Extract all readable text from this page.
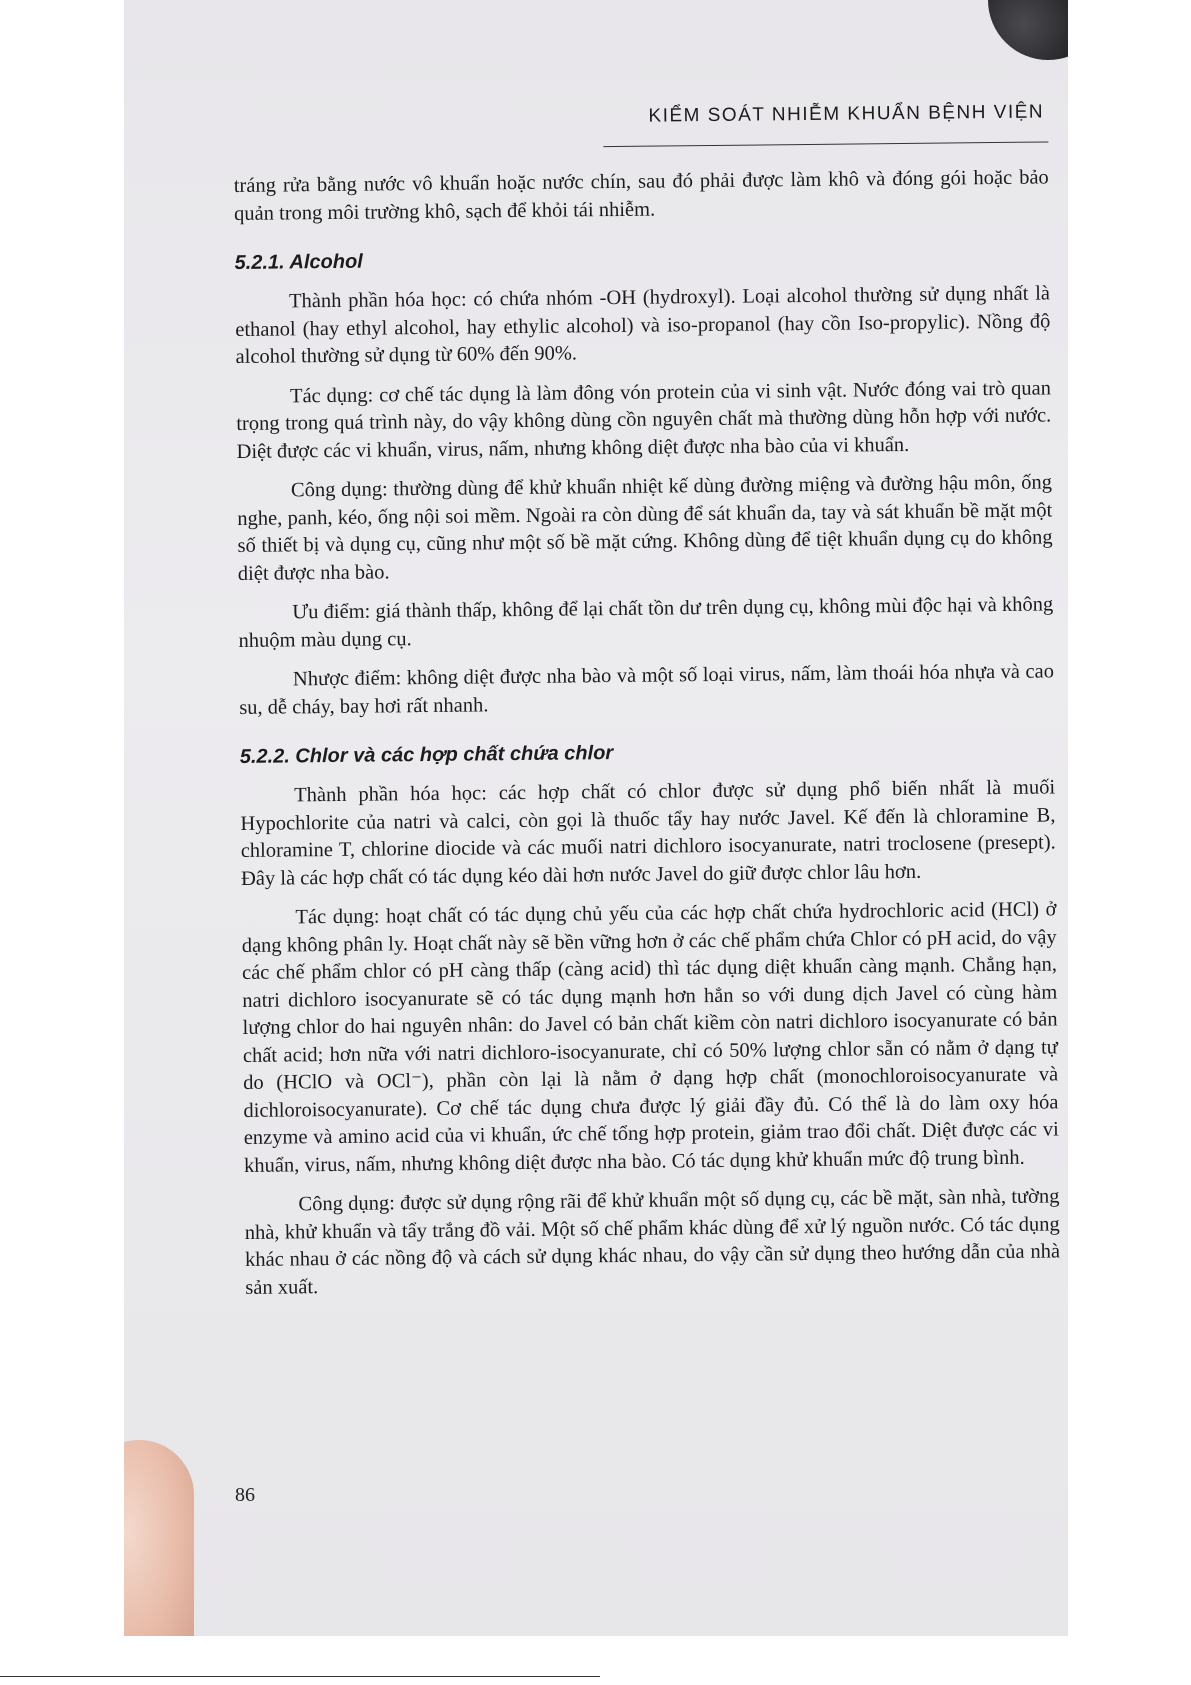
KIỂM SOÁT NHIỄM KHUẨN BỆNH VIỆN

tráng rửa bằng nước vô khuẩn hoặc nước chín, sau đó phải được làm khô và đóng gói hoặc bảo quản trong môi trường khô, sạch để khỏi tái nhiễm.

5.2.1. Alcohol

Thành phần hóa học: có chứa nhóm -OH (hydroxyl). Loại alcohol thường sử dụng nhất là ethanol (hay ethyl alcohol, hay ethylic alcohol) và iso-propanol (hay cồn Iso-propylic). Nồng độ alcohol thường sử dụng từ 60% đến 90%.

Tác dụng: cơ chế tác dụng là làm đông vón protein của vi sinh vật. Nước đóng vai trò quan trọng trong quá trình này, do vậy không dùng cồn nguyên chất mà thường dùng hỗn hợp với nước. Diệt được các vi khuẩn, virus, nấm, nhưng không diệt được nha bào của vi khuẩn.

Công dụng: thường dùng để khử khuẩn nhiệt kế dùng đường miệng và đường hậu môn, ống nghe, panh, kéo, ống nội soi mềm. Ngoài ra còn dùng để sát khuẩn da, tay và sát khuẩn bề mặt một số thiết bị và dụng cụ, cũng như một số bề mặt cứng. Không dùng để tiệt khuẩn dụng cụ do không diệt được nha bào.

Ưu điểm: giá thành thấp, không để lại chất tồn dư trên dụng cụ, không mùi độc hại và không nhuộm màu dụng cụ.

Nhược điểm: không diệt được nha bào và một số loại virus, nấm, làm thoái hóa nhựa và cao su, dễ cháy, bay hơi rất nhanh.

5.2.2. Chlor và các hợp chất chứa chlor

Thành phần hóa học: các hợp chất có chlor được sử dụng phổ biến nhất là muối Hypochlorite của natri và calci, còn gọi là thuốc tẩy hay nước Javel. Kế đến là chloramine B, chloramine T, chlorine diocide và các muối natri dichloro isocyanurate, natri troclosene (presept). Đây là các hợp chất có tác dụng kéo dài hơn nước Javel do giữ được chlor lâu hơn.

Tác dụng: hoạt chất có tác dụng chủ yếu của các hợp chất chứa hydrochloric acid (HCl) ở dạng không phân ly. Hoạt chất này sẽ bền vững hơn ở các chế phẩm chứa Chlor có pH acid, do vậy các chế phẩm chlor có pH càng thấp (càng acid) thì tác dụng diệt khuẩn càng mạnh. Chẳng hạn, natri dichloro isocyanurate sẽ có tác dụng mạnh hơn hẳn so với dung dịch Javel có cùng hàm lượng chlor do hai nguyên nhân: do Javel có bản chất kiềm còn natri dichloro isocyanurate có bản chất acid; hơn nữa với natri dichloro-isocyanurate, chỉ có 50% lượng chlor sẵn có nằm ở dạng tự do (HClO và OCl⁻), phần còn lại là nằm ở dạng hợp chất (monochloroisocyanurate và dichloroisocyanurate). Cơ chế tác dụng chưa được lý giải đầy đủ. Có thể là do làm oxy hóa enzyme và amino acid của vi khuẩn, ức chế tổng hợp protein, giảm trao đổi chất. Diệt được các vi khuẩn, virus, nấm, nhưng không diệt được nha bào. Có tác dụng khử khuẩn mức độ trung bình.

Công dụng: được sử dụng rộng rãi để khử khuẩn một số dụng cụ, các bề mặt, sàn nhà, tường nhà, khử khuẩn và tẩy trắng đồ vải. Một số chế phẩm khác dùng để xử lý nguồn nước. Có tác dụng khác nhau ở các nồng độ và cách sử dụng khác nhau, do vậy cần sử dụng theo hướng dẫn của nhà sản xuất.

86
